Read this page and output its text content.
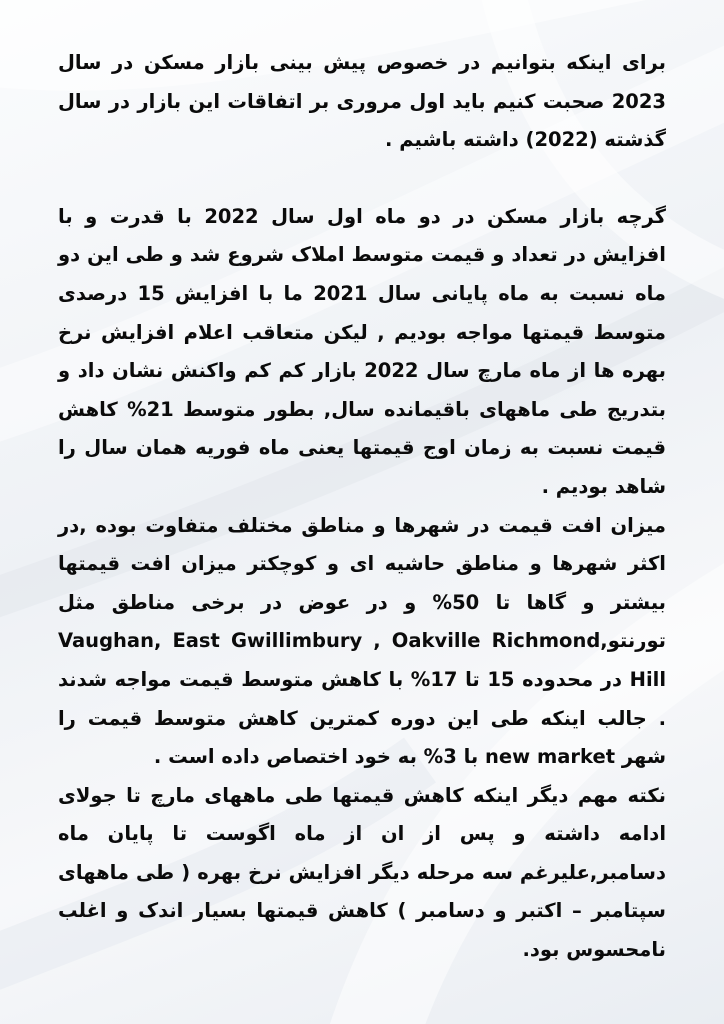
برای اینکه بتوانیم در خصوص پیش بینی بازار مسکن در سال 2023 صحبت کنیم باید اول مروری بر اتفاقات این بازار در سال گذشته (2022) داشته باشیم .

گرچه بازار مسکن در دو ماه اول سال 2022 با قدرت و با افزایش در تعداد و قیمت متوسط املاک شروع شد و طی این دو ماه نسبت به ماه پایانی سال 2021 ما با افزایش 15 درصدی متوسط قیمتها مواجه بودیم , لیکن متعاقب اعلام افزایش نرخ بهره ها از ماه مارچ سال 2022 بازار کم کم واکنش نشان داد و بتدریج طی ماههای باقیمانده سال, بطور متوسط 21% کاهش قیمت نسبت به زمان اوج قیمتها یعنی ماه فوریه همان سال را شاهد بودیم .

میزان افت قیمت در شهرها و مناطق مختلف متفاوت بوده ,در اکثر شهرها و مناطق حاشیه ای و کوچکتر میزان افت قیمتها بیشتر و گاها تا 50% و در عوض در برخی مناطق مثل تورنتو,Vaughan, East Gwillimbury , Oakville Richmond Hill در محدوده 15 تا 17% با کاهش متوسط قیمت مواجه شدند . جالب اینکه طی این دوره کمترین کاهش متوسط قیمت را شهر new market با 3% به خود اختصاص داده است .

نکته مهم دیگر اینکه کاهش قیمتها طی ماههای مارچ تا جولای ادامه داشته و پس از ان از ماه اگوست تا پایان ماه دسامبر,علیرغم سه مرحله دیگر افزایش نرخ بهره ( طی ماههای سپتامبر – اکتبر و دسامبر ) کاهش قیمتها بسیار اندک و اغلب نامحسوس بود.
